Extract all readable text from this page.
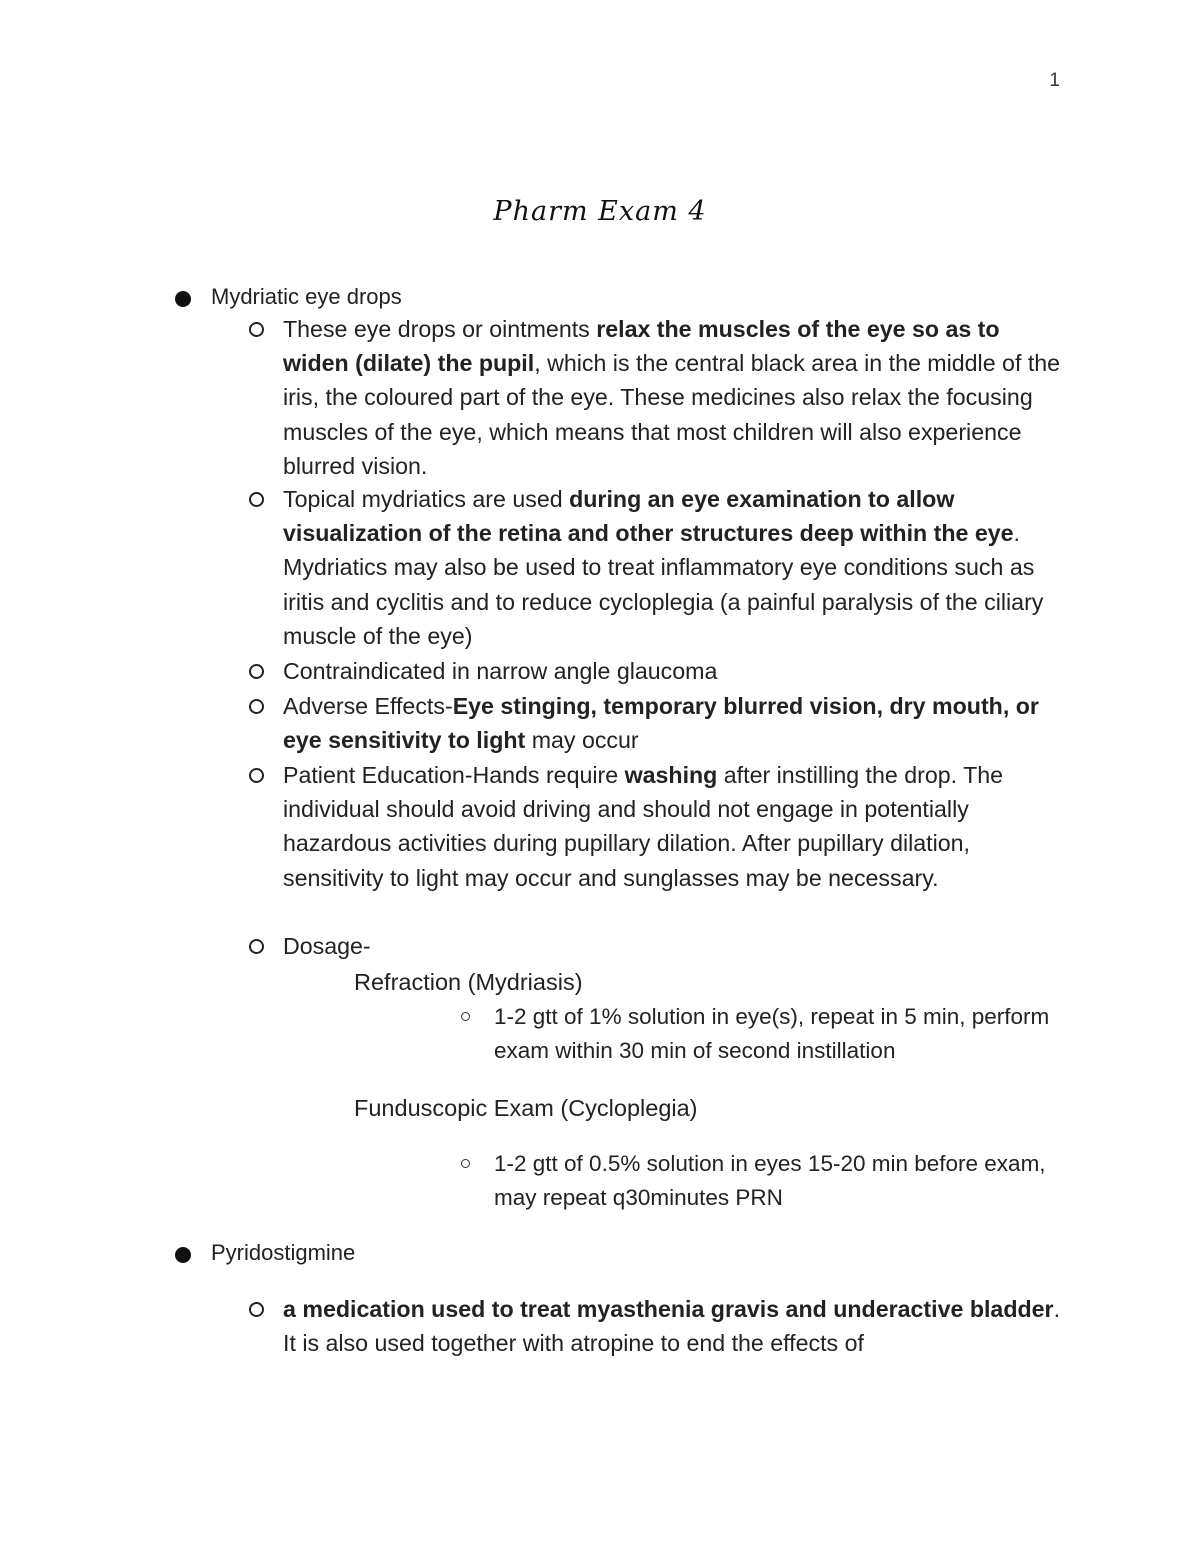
1
Pharm Exam 4
Mydriatic eye drops
These eye drops or ointments relax the muscles of the eye so as to widen (dilate) the pupil, which is the central black area in the middle of the iris, the coloured part of the eye. These medicines also relax the focusing muscles of the eye, which means that most children will also experience blurred vision.
Topical mydriatics are used during an eye examination to allow visualization of the retina and other structures deep within the eye. Mydriatics may also be used to treat inflammatory eye conditions such as iritis and cyclitis and to reduce cycloplegia (a painful paralysis of the ciliary muscle of the eye)
Contraindicated in narrow angle glaucoma
Adverse Effects-Eye stinging, temporary blurred vision, dry mouth, or eye sensitivity to light may occur
Patient Education-Hands require washing after instilling the drop. The individual should avoid driving and should not engage in potentially hazardous activities during pupillary dilation. After pupillary dilation, sensitivity to light may occur and sunglasses may be necessary.
Dosage-
Refraction (Mydriasis)
1-2 gtt of 1% solution in eye(s), repeat in 5 min, perform exam within 30 min of second instillation
Funduscopic Exam (Cycloplegia)
1-2 gtt of 0.5% solution in eyes 15-20 min before exam, may repeat q30minutes PRN
Pyridostigmine
a medication used to treat myasthenia gravis and underactive bladder. It is also used together with atropine to end the effects of
